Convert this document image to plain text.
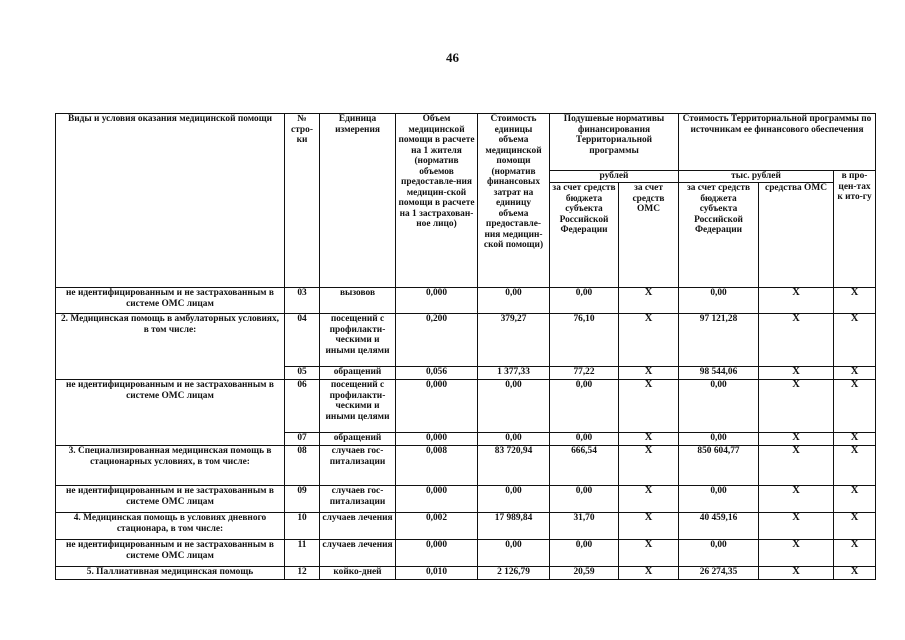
46
Виды и условия оказания медицинской помощи	№ стро-ки	Единица измерения	Объем медицинской помощи в расчете на 1 жителя (норматив объемов предоставле-ния медицин-ской помощи в расчете на 1 застрахован-ное лицо)	Стоимость единицы объема медицинской помощи (норматив финансовых затрат на единицу объема предоставле-ния медицин-ской помощи)	Подушевые нормативы финансирования Территориальной программы		Стоимость Территориальной программы по источникам ее финансового обеспечения		
					рублей		тыс. рублей		в про-цен-тах к ито-гу
					за счет средств бюджета субъекта Российской Федерации	за счет средств ОМС	за счет средств бюджета субъекта Российской Федерации	средства ОМС	
не идентифицированным и не застрахованным в системе ОМС лицам	03	вызовов	0,000	0,00	0,00	X	0,00	X	X
2. Медицинская помощь в амбулаторных условиях, в том числе:	04	посещений с профилакти-ческими и иными целями	0,200	379,27	76,10	X	97 121,28	X	X
	05	обращений	0,056	1 377,33	77,22	X	98 544,06	X	X
не идентифицированным и не застрахованным в системе ОМС лицам	06	посещений с профилакти-ческими и иными целями	0,000	0,00	0,00	X	0,00	X	X
	07	обращений	0,000	0,00	0,00	X	0,00	X	X
3. Специализированная медицинская помощь в стационарных условиях, в том числе:	08	случаев гос-питализации	0,008	83 720,94	666,54	X	850 604,77	X	X
не идентифицированным и не застрахованным в системе ОМС лицам	09	случаев гос-питализации	0,000	0,00	0,00	X	0,00	X	X
4. Медицинская помощь в условиях дневного стационара, в том числе:	10	случаев лечения	0,002	17 989,84	31,70	X	40 459,16	X	X
не идентифицированным и не застрахованным в системе ОМС лицам	11	случаев лечения	0,000	0,00	0,00	X	0,00	X	X
5. Паллиативная медицинская помощь	12	койко-дней	0,010	2 126,79	20,59	X	26 274,35	X	X
